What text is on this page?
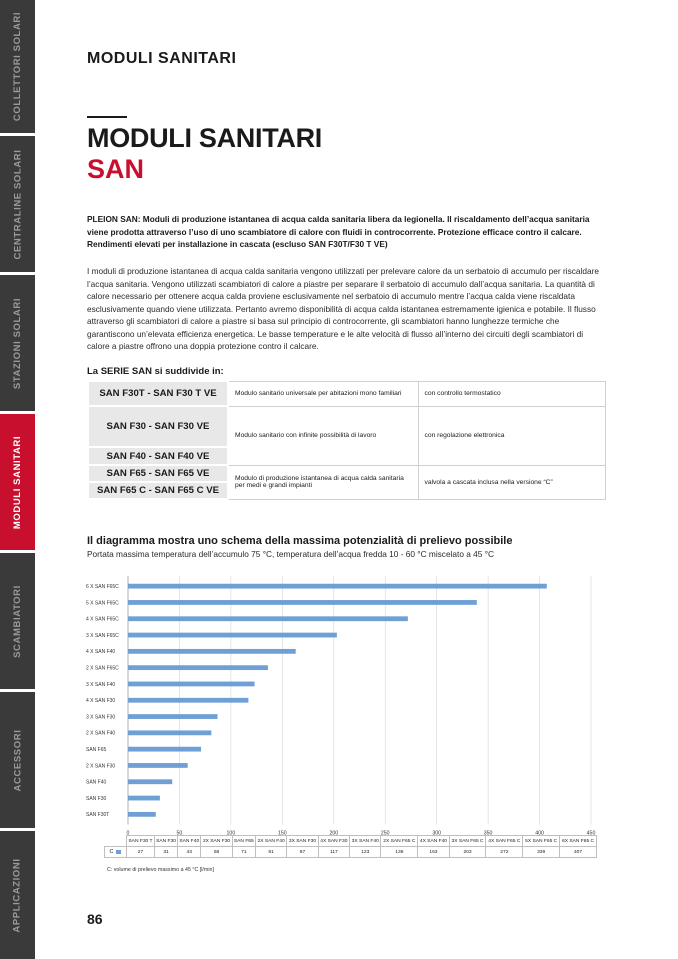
COLLETTORI SOLARI
CENTRALINE SOLARI
STAZIONI SOLARI
MODULI SANITARI
SCAMBIATORI
ACCESSORI
APPLICAZIONI
MODULI SANITARI
MODULI SANITARI
SAN

PLEION SAN: Moduli di produzione istantanea di acqua calda sanitaria libera da legionella. Il riscaldamento dell’acqua sanitaria viene prodotta attraverso l’uso di uno scambiatore di calore con fluidi in controcorrente. Protezione efficace contro il calcare. Rendimenti elevati per installazione in cascata (escluso SAN F30T/F30 T VE)

I moduli di produzione istantanea di acqua calda sanitaria vengono utilizzati per prelevare calore da un serbatoio di accumulo per riscaldare l’acqua sanitaria. Vengono utilizzati scambiatori di calore a piastre per separare il serbatoio di accumulo dall’acqua sanitaria. La quantità di calore necessario per ottenere acqua calda proviene esclusivamente nel serbatoio di accumulo mentre l’acqua calda viene riscaldata esclusivamente quando viene utilizzata. Pertanto avremo disponibilità di acqua calda istantanea estremamente igienica e potabile. Il flusso attraverso gli scambiatori di calore a piastre si basa sul principio di controcorrente, gli scambiatori hanno lunghezze termiche che garantiscono un’elevata efficienza energetica. Le basse temperature e le alte velocità di flusso all’interno dei circuiti degli scambiatori di calore a piastre offrono una doppia protezione contro il calcare.

La SERIE SAN si suddivide in:
SAN F30T - SAN F30 T VE	Modulo sanitario universale per abitazioni mono familiari	con controllo termostatico
SAN F30 - SAN F30 VE	Modulo sanitario con infinite possibilità di lavoro	con regolazione elettronica
SAN F40 - SAN F40 VE		
SAN F65 - SAN F65 VE	Modulo di produzione istantanea di acqua calda sanitaria per medi e grandi impianti	valvola a cascata inclusa nella versione “C”
SAN F65 C - SAN F65 C VE		
Il diagramma mostra uno schema della massima potenzialità di prelievo possibile
Portata massima temperatura dell’accumulo 75 °C, temperatura dell’acqua fredda 10 - 60 °C miscelato a 45 °C
0	50	100	150	200	250	300	350	400	450
6 X SAN F65C
5 X SAN F65C
4 X SAN F65C
3 X SAN F65C
4 X SAN F40
2 X SAN F65C
3 X SAN F40
4 X SAN F30
3 X SAN F30
2 X SAN F40
SAN F65
2 X SAN F30
SAN F40
SAN F30
SAN F30T
	SAN F30 T	SAN F30	SAN F40	2X SAN F30	SAN F65	2X SAN F40	3X SAN F30	4X SAN F30	3X SAN F40	2X SAN F65 C	4X SAN F40	3X SAN F65 C	4X SAN F65 C	5X SAN F65 C	6X SAN F65 C
C	27	31	43	58	71	81	87	117	123	136	163	203	272	339	407
C: volume di prelievo massimo a 45 °C [l/min]
86
